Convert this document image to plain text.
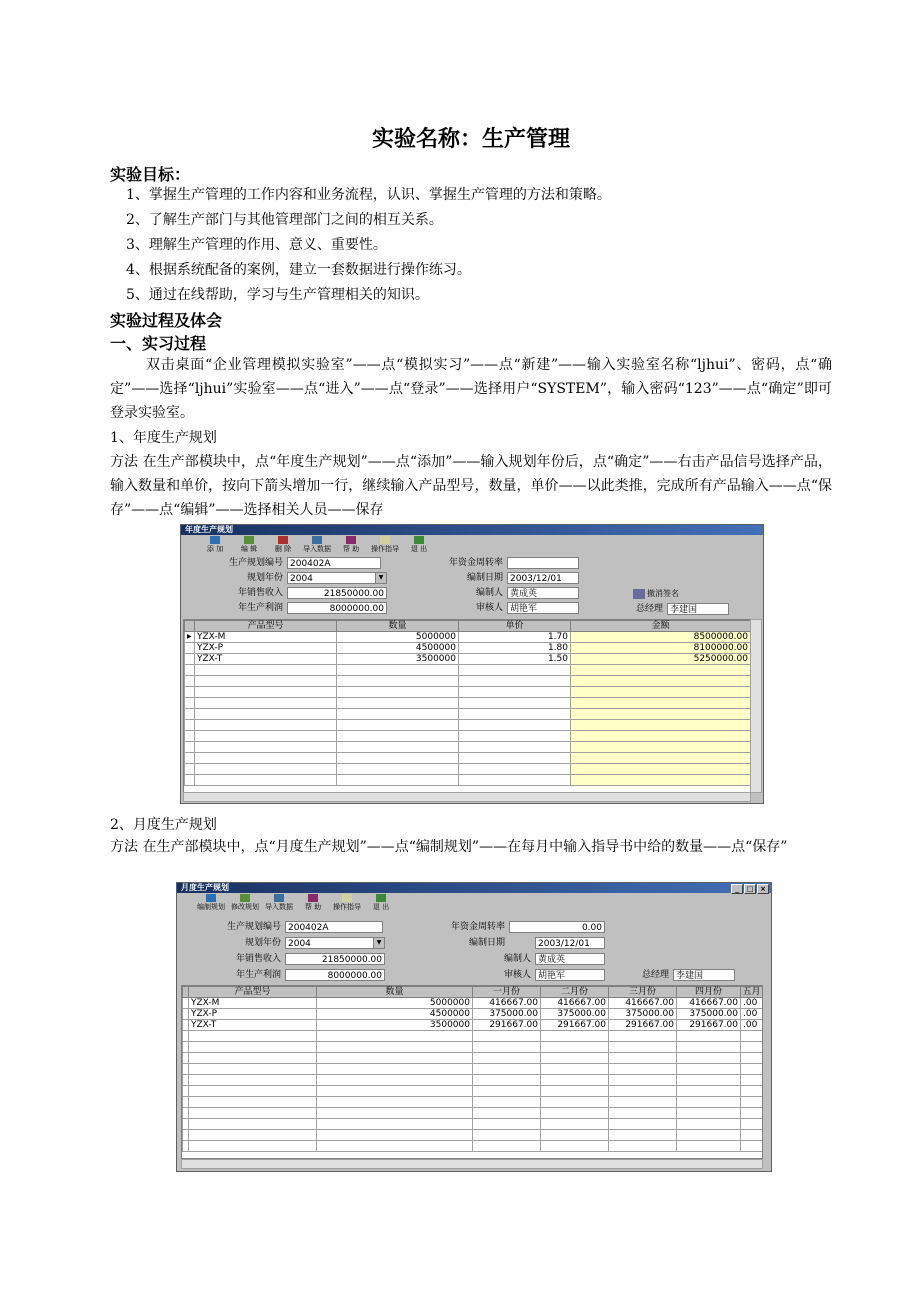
实验名称：生产管理
实验目标：
1、掌握生产管理的工作内容和业务流程，认识、掌握生产管理的方法和策略。
2、了解生产部门与其他管理部门之间的相互关系。
3、理解生产管理的作用、意义、重要性。
4、根据系统配备的案例，建立一套数据进行操作练习。
5、通过在线帮助，学习与生产管理相关的知识。
实验过程及体会
一、实习过程
双击桌面“企业管理模拟实验室”——点“模拟实习”——点“新建”——输入实验室名称“ljhui”、密码，点“确定”——选择“ljhui”实验室——点“进入”——点“登录”——选择用户“SYSTEM”，输入密码“123”——点“确定”即可登录实验室。
1、年度生产规划
方法 在生产部模块中，点“年度生产规划”——点“添加”——输入规划年份后，点“确定”——右击产品信号选择产品，输入数量和单价，按向下箭头增加一行，继续输入产品型号，数量，单价——以此类推，完成所有产品输入——点“保存”——点“编辑”——选择相关人员——保存
2、月度生产规划
方法 在生产部模块中，点“月度生产规划”——点“编制规划”——在每月中输入指导书中给的数量——点“保存”
年度生产规划
添 加	编 辑	删 除	导入数据	帮 助	操作指导	退 出
生产规划编号 200402A
规划年份 2004	▼
年销售收入	21850000.00
年生产利润	8000000.00
年资金周转率
编制日期 2003/12/01
编制人 黄成英
审核人 胡艳军
撤消签名
总经理 李建国
	产品型号	数量	单价	金额
▶	YZX-M	5000000	1.70	8500000.00
	YZX-P	4500000	1.80	8100000.00
	YZX-T	3500000	1.50	5250000.00

月度生产规划	_	□ ×
编制规划 修改规划 导入数据	帮 助	操作指导	退 出
生产规划编号 200402A
规划年份 2004	▼
年销售收入	21850000.00
年生产利润	8000000.00
年资金周转率	0.00
编制日期	2003/12/01
编制人 黄成英
审核人 胡艳军	总经理 李建国
	产品型号	数量	一月份	二月份	三月份	四月份	五月
	YZX-M	5000000	416667.00	416667.00	416667.00	416667.00	.00
	YZX-P	4500000	375000.00	375000.00	375000.00	375000.00	.00
	YZX-T	3500000	291667.00	291667.00	291667.00	291667.00	.00
